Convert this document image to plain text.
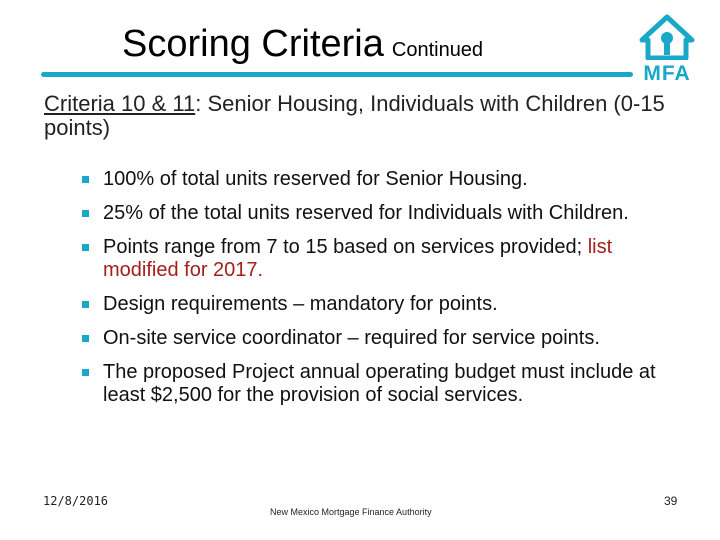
Scoring Criteria Continued
MFA
Criteria 10 & 11: Senior Housing, Individuals with Children (0-15 points)
100% of total units reserved for Senior Housing.
25% of the total units reserved for Individuals with Children.
Points range from 7 to 15 based on services provided; list modified for 2017.
Design requirements – mandatory for points.
On-site service coordinator – required for service points.
The proposed Project annual operating budget must include at least $2,500 for the provision of social services.
12/8/2016
New Mexico Mortgage Finance Authority
39
